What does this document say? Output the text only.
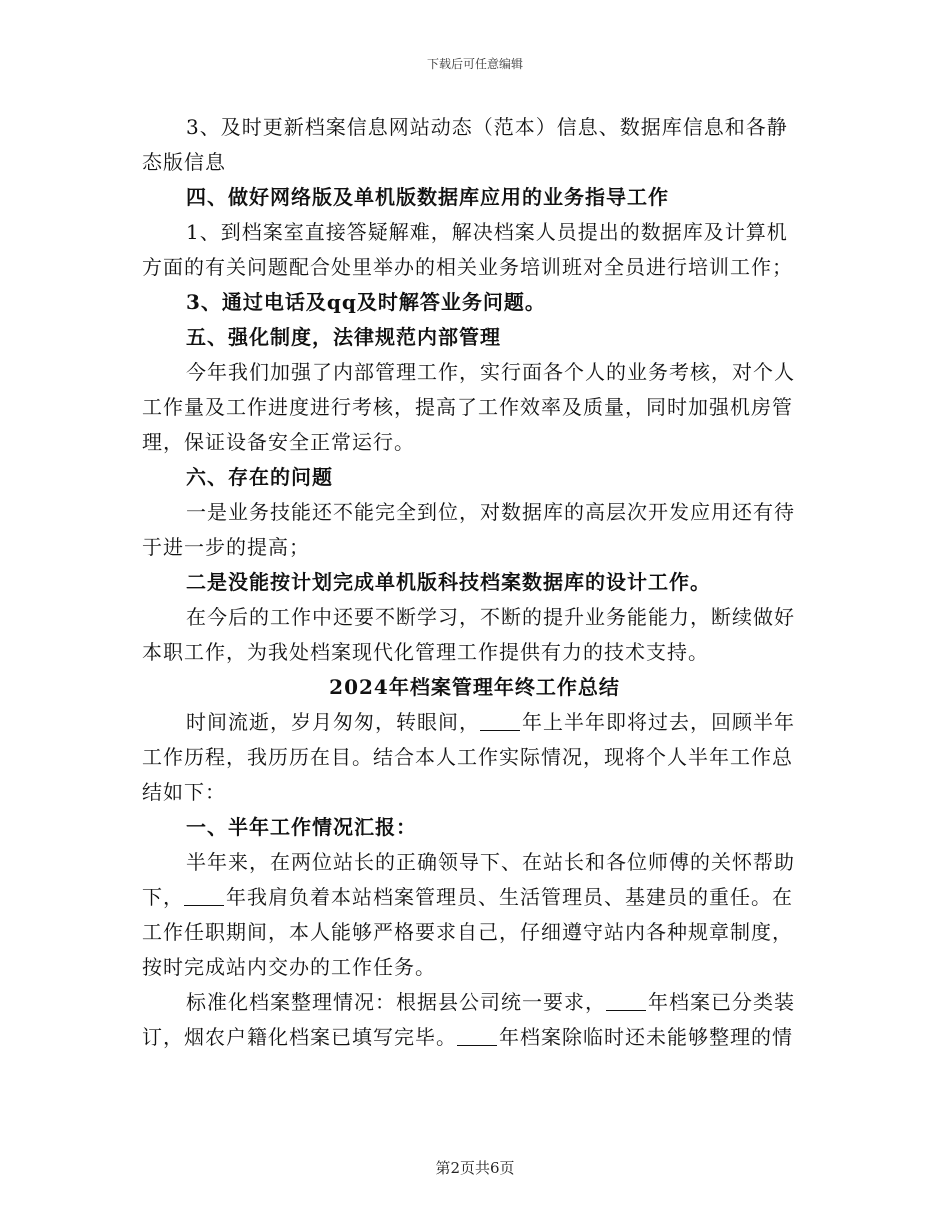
下载后可任意编辑

3、及时更新档案信息网站动态（范本）信息、数据库信息和各静态版信息

四、做好网络版及单机版数据库应用的业务指导工作

1、到档案室直接答疑解难，解决档案人员提出的数据库及计算机方面的有关问题配合处里举办的相关业务培训班对全员进行培训工作；

3、通过电话及qq及时解答业务问题。

五、强化制度，法律规范内部管理

今年我们加强了内部管理工作，实行面各个人的业务考核，对个人工作量及工作进度进行考核，提高了工作效率及质量，同时加强机房管理，保证设备安全正常运行。

六、存在的问题

一是业务技能还不能完全到位，对数据库的高层次开发应用还有待于进一步的提高；

二是没能按计划完成单机版科技档案数据库的设计工作。

在今后的工作中还要不断学习，不断的提升业务能能力，断续做好本职工作，为我处档案现代化管理工作提供有力的技术支持。

2024年档案管理年终工作总结

时间流逝，岁月匆匆，转眼间， 年上半年即将过去，回顾半年工作历程，我历历在目。结合本人工作实际情况，现将个人半年工作总结如下：

一、半年工作情况汇报：

半年来，在两位站长的正确领导下、在站长和各位师傅的关怀帮助下， 年我肩负着本站档案管理员、生活管理员、基建员的重任。在工作任职期间，本人能够严格要求自己，仔细遵守站内各种规章制度，按时完成站内交办的工作任务。

标准化档案整理情况：根据县公司统一要求， 年档案已分类装订，烟农户籍化档案已填写完毕。 年档案除临时还未能够整理的情

第2页共6页
